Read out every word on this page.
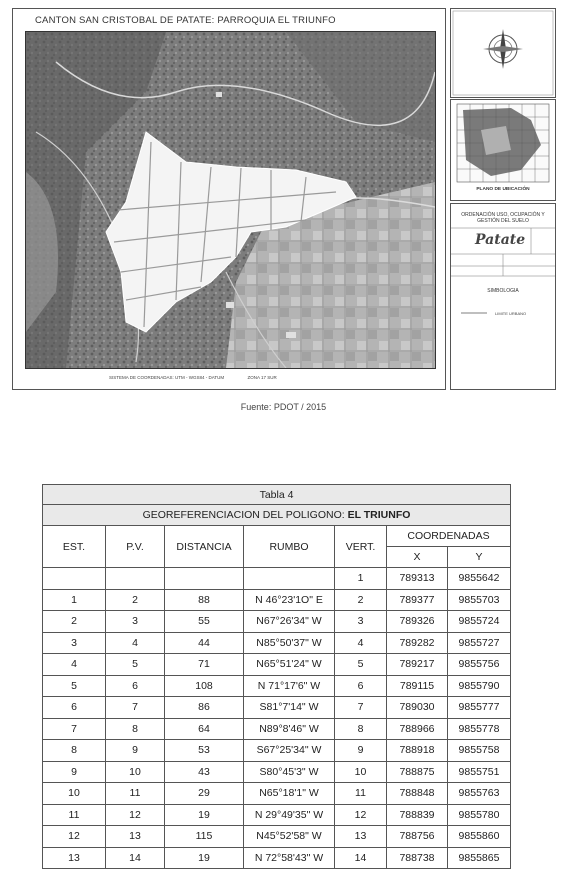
CANTON SAN CRISTOBAL DE PATATE: PARROQUIA EL TRIUNFO
SISTEMA DE COORDENADAS: UTM - WGS84 - DATUM	ZONA 17 SUR
PLANO DE UBICACIÓN
ORDENACIÓN USO, OCUPACIÓN Y GESTIÓN DEL SUELO
Patate
SIMBOLOGIA
LIMITE URBANO
Fuente: PDOT / 2015
Tabla 4						
GEOREFERENCIACION DEL POLIGONO: EL TRIUNFO						
EST.	P.V.	DISTANCIA	RUMBO	VERT.	COORDENADAS	
					X	Y
				1	789313	9855642
1	2	88	N 46°23'1O" E	2	789377	9855703
2	3	55	N67°26'34" W	3	789326	9855724
3	4	44	N85°50'37" W	4	789282	9855727
4	5	71	N65°51'24" W	5	789217	9855756
5	6	108	N 71°17'6" W	6	789115	9855790
6	7	86	S81°7'14" W	7	789030	9855777
7	8	64	N89°8'46" W	8	788966	9855778
8	9	53	S67°25'34" W	9	788918	9855758
9	10	43	S80°45'3" W	10	788875	9855751
10	11	29	N65°18'1" W	11	788848	9855763
11	12	19	N 29°49'35" W	12	788839	9855780
12	13	115	N45°52'58" W	13	788756	9855860
13	14	19	N 72°58'43" W	14	788738	9855865
